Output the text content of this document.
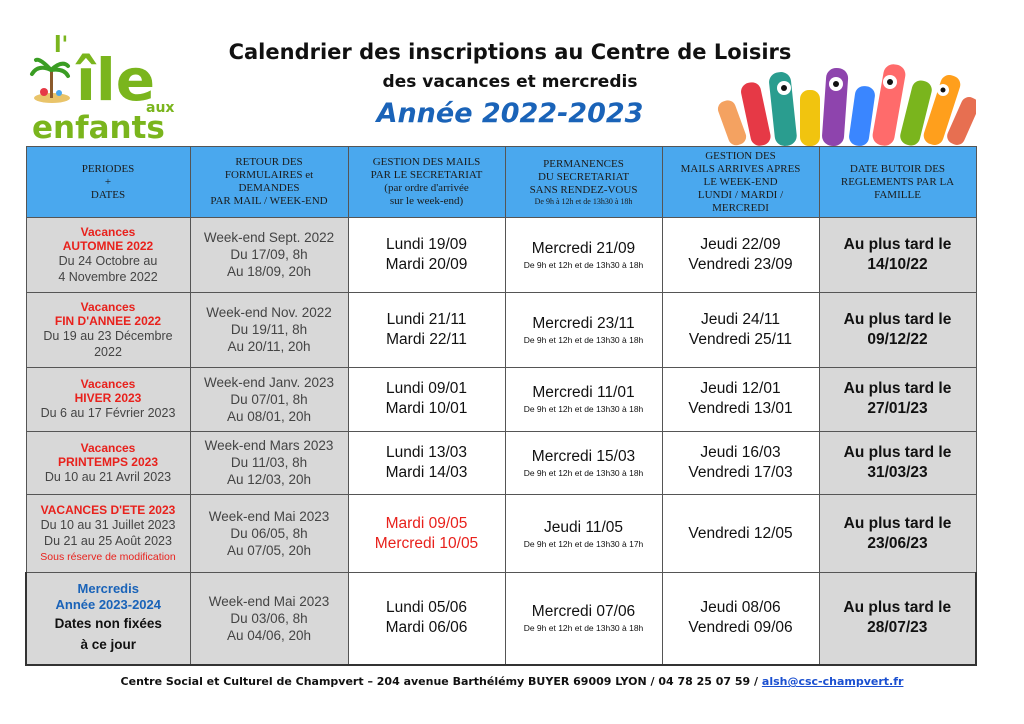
l'
île
aux
enfants
Calendrier des inscriptions au Centre de Loisirs
des vacances et mercredis
Année 2022-2023
PERIODES
+
DATES	RETOUR DES
FORMULAIRES et
DEMANDES
PAR MAIL / WEEK-END	GESTION DES MAILS
PAR LE SECRETARIAT
(par ordre d'arrivée
sur le week-end)	PERMANENCES
DU SECRETARIAT
SANS RENDEZ-VOUS
De 9h à 12h et de 13h30 à 18h	GESTION DES
MAILS ARRIVES APRES
LE WEEK-END
LUNDI / MARDI /
MERCREDI	DATE BUTOIR DES
REGLEMENTS PAR LA
FAMILLE

Vacances
AUTOMNE 2022
Du 24 Octobre au
4 Novembre 2022	Week-end Sept. 2022
Du 17/09, 8h
Au 18/09, 20h	Lundi 19/09
Mardi 20/09	Mercredi 21/09
De 9h et 12h et de 13h30 à 18h	Jeudi 22/09
Vendredi 23/09	Au plus tard le
14/10/22

Vacances
FIN D'ANNEE 2022
Du 19 au 23 Décembre
2022	Week-end Nov. 2022
Du 19/11, 8h
Au 20/11, 20h	Lundi 21/11
Mardi 22/11	Mercredi 23/11
De 9h et 12h et de 13h30 à 18h	Jeudi 24/11
Vendredi 25/11	Au plus tard le
09/12/22

Vacances
HIVER 2023
Du 6 au 17 Février 2023	Week-end Janv. 2023
Du 07/01, 8h
Au 08/01, 20h	Lundi 09/01
Mardi 10/01	Mercredi 11/01
De 9h et 12h et de 13h30 à 18h	Jeudi 12/01
Vendredi 13/01	Au plus tard le
27/01/23

Vacances
PRINTEMPS 2023
Du 10 au 21 Avril 2023	Week-end Mars 2023
Du 11/03, 8h
Au 12/03, 20h	Lundi 13/03
Mardi 14/03	Mercredi 15/03
De 9h et 12h et de 13h30 à 18h	Jeudi 16/03
Vendredi 17/03	Au plus tard le
31/03/23

VACANCES D'ETE 2023
Du 10 au 31 Juillet 2023
Du 21 au 25 Août 2023
Sous réserve de modification	Week-end Mai 2023
Du 06/05, 8h
Au 07/05, 20h	Mardi 09/05
Mercredi 10/05	Jeudi 11/05
De 9h et 12h et de 13h30 à 17h	Vendredi 12/05	Au plus tard le
23/06/23

Mercredis
Année 2023-2024
Dates non fixées
à ce jour	Week-end Mai 2023
Du 03/06, 8h
Au 04/06, 20h	Lundi 05/06
Mardi 06/06	Mercredi 07/06
De 9h et 12h et de 13h30 à 18h	Jeudi 08/06
Vendredi 09/06	Au plus tard le
28/07/23
Centre Social et Culturel de Champvert – 204 avenue Barthélémy BUYER 69009 LYON / 04 78 25 07 59 / alsh@csc-champvert.fr
